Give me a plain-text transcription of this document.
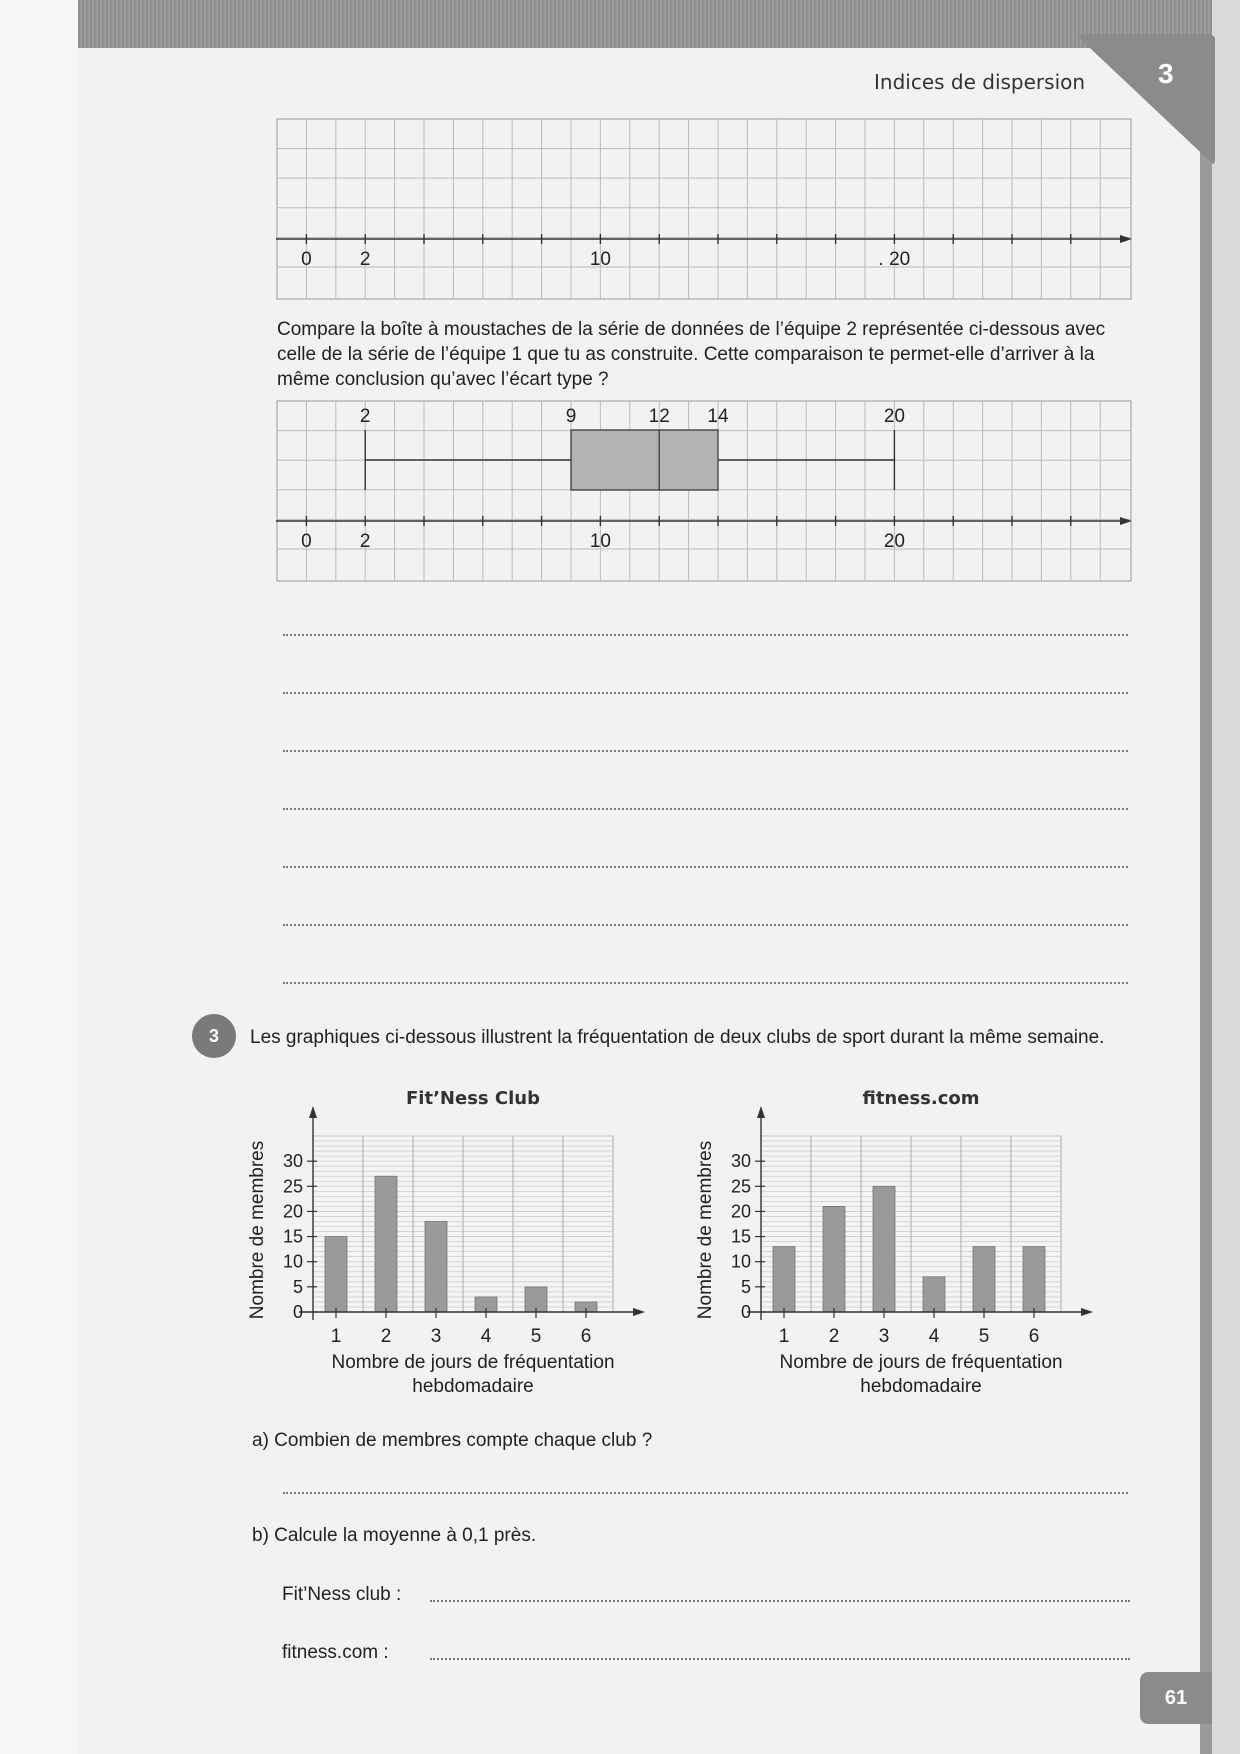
Indices de dispersion	3
0	2	10	. 20
Compare la boîte à moustaches de la série de données de l’équipe 2 représentée ci-dessous avec celle de la série de l’équipe 1 que tu as construite. Cette comparaison te permet-elle d’arriver à la même conclusion qu’avec l’écart type ?
0	2	10	20
2	9	12 14	20
3	Les graphiques ci-dessous illustrent la fréquentation de deux clubs de sport durant la même semaine.
Fit’Ness Club
0
5
10
15
20
25
30
1 2 3 4 5 6
Nombre de jours de fréquentation hebdomadaire
Nombre de membres
fitness.com
0
5
10
15
20
25
30
1 2 3 4 5 6
Nombre de jours de fréquentation hebdomadaire
Nombre de membres
a) Combien de membres compte chaque club ?
b) Calcule la moyenne à 0,1 près.
Fit’Ness club :
fitness.com :
61
